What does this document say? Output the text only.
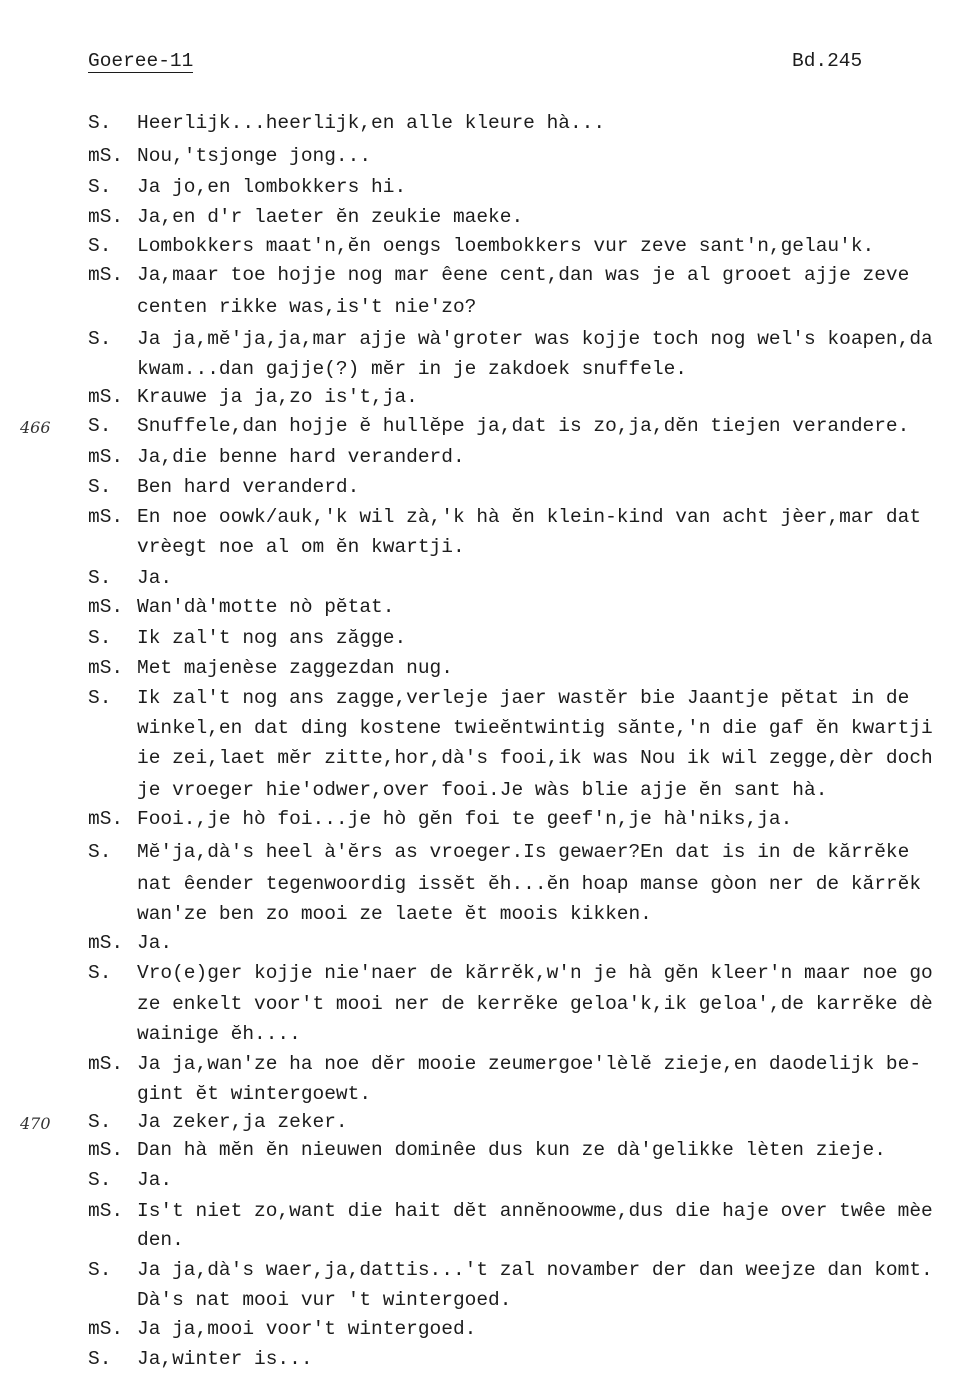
Goeree-11	Bd.245
S. Heerlijk...heerlijk,en alle kleure hà...
mS. Nou,'tsjonge jong...
S. Ja jo,en lombokkers hi.
mS. Ja,en d'r laeter ĕn zeukie maeke.
S. Lombokkers maat'n,ĕn oengs loembokkers vur zeve sant'n,gelau'k.
mS. Ja,maar toe hojje nog mar êene cent,dan was je al grooet ajje zeve
centen rikke was,is't nie'zo?
S. Ja ja,mĕ'ja,ja,mar ajje wà'groter was kojje toch nog wel's koapen,da
kwam...dan gajje(?) mĕr in je zakdoek snuffele.
mS. Krauwe ja ja,zo is't,ja.
S. Snuffele,dan hojje ĕ hullĕpe ja,dat is zo,ja,dĕn tiejen verandere.
mS. Ja,die benne hard veranderd.
S. Ben hard veranderd.
mS. En noe oowk/auk,'k wil zà,'k hà ĕn klein-kind van acht jèer,mar dat
vrèegt noe al om ĕn kwartji.
S. Ja.
mS. Wan'dà'motte nò pĕtat.
S. Ik zal't nog ans zăgge.
mS. Met majenèse zaggezdan nug.
S. Ik zal't nog ans zagge,verleje jaer wastĕr bie Jaantje pĕtat in de
winkel,en dat ding kostene twieĕntwintig sănte,'n die gaf ĕn kwartji
ie zei,laet mĕr zitte,hor,dà's fooi,ik was Nou ik wil zegge,dèr doch
je vroeger hie'odwer,over fooi.Je wàs blie ajje ĕn sant hà.
mS. Fooi.,je hò foi...je hò gĕn foi te geef'n,je hà'niks,ja.
S. Mĕ'ja,dà's heel à'ĕrs as vroeger.Is gewaer?En dat is in de kărrĕke
nat êender tegenwoordig issĕt ĕh...ĕn hoap manse gòon ner de kărrĕk
wan'ze ben zo mooi ze laete ĕt moois kikken.
mS. Ja.
S. Vro(e)ger kojje nie'naer de kărrĕk,w'n je hà gĕn kleer'n maar noe go
ze enkelt voor't mooi ner de kerrĕke geloa'k,ik geloa',de karrĕke dè
wainige ĕh....
mS. Ja ja,wan'ze ha noe dĕr mooie zeumergoe'lèlĕ zieje,en daodelijk be-
gint ĕt wintergoewt.
S. Ja zeker,ja zeker.
mS. Dan hà mĕn ĕn nieuwen dominêe dus kun ze dà'gelikke lèten zieje.
S. Ja.
mS. Is't niet zo,want die hait dĕt annĕnoowme,dus die haje over twêe mèe
den.
S. Ja ja,dà's waer,ja,dattis...'t zal novamber der dan weejze dan komt.
Dà's nat mooi vur 't wintergoed.
mS. Ja ja,mooi voor't wintergoed.
S. Ja,winter is...
466
470
